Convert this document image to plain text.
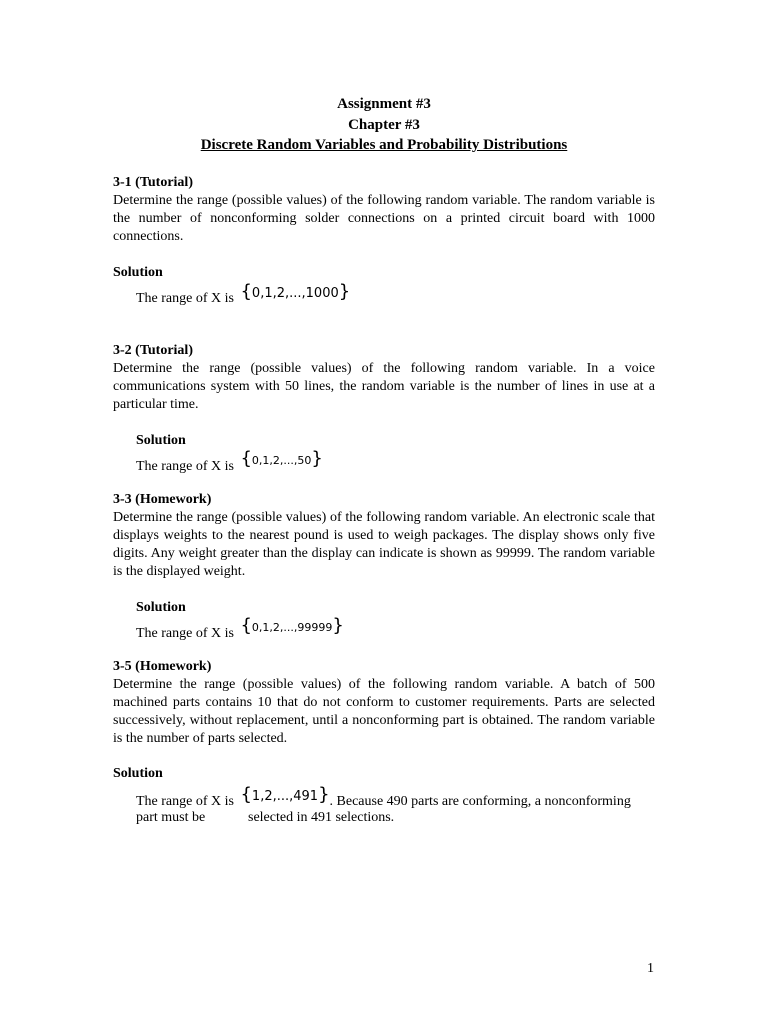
Assignment #3
Chapter #3
Discrete Random Variables and Probability Distributions

3-1 (Tutorial)

Determine the range (possible values) of the following random variable. The random variable is the number of nonconforming solder connections on a printed circuit board with 1000 connections.

Solution

The range of X is {0,1,2,...,1000}

3-2 (Tutorial)

Determine the range (possible values) of the following random variable. In a voice communications system with 50 lines, the random variable is the number of lines in use at a particular time.

Solution

The range of X is $^{\{0,1,2,...,50\}}$

3-3 (Homework)

Determine the range (possible values) of the following random variable. An electronic scale that displays weights to the nearest pound is used to weigh packages. The display shows only five digits. Any weight greater than the display can indicate is shown as 99999. The random variable is the displayed weight.

Solution

The range of X is $^{\{0,1,2,...,99999\}}$

3-5 (Homework)

Determine the range (possible values) of the following random variable. A batch of 500 machined parts contains 10 that do not conform to customer requirements. Parts are selected successively, without replacement, until a nonconforming part is obtained. The random variable is the number of parts selected.

Solution

The range of X is {1,2,...,491}. Because 490 parts are conforming, a nonconforming
part must be	selected in 491 selections.
1
